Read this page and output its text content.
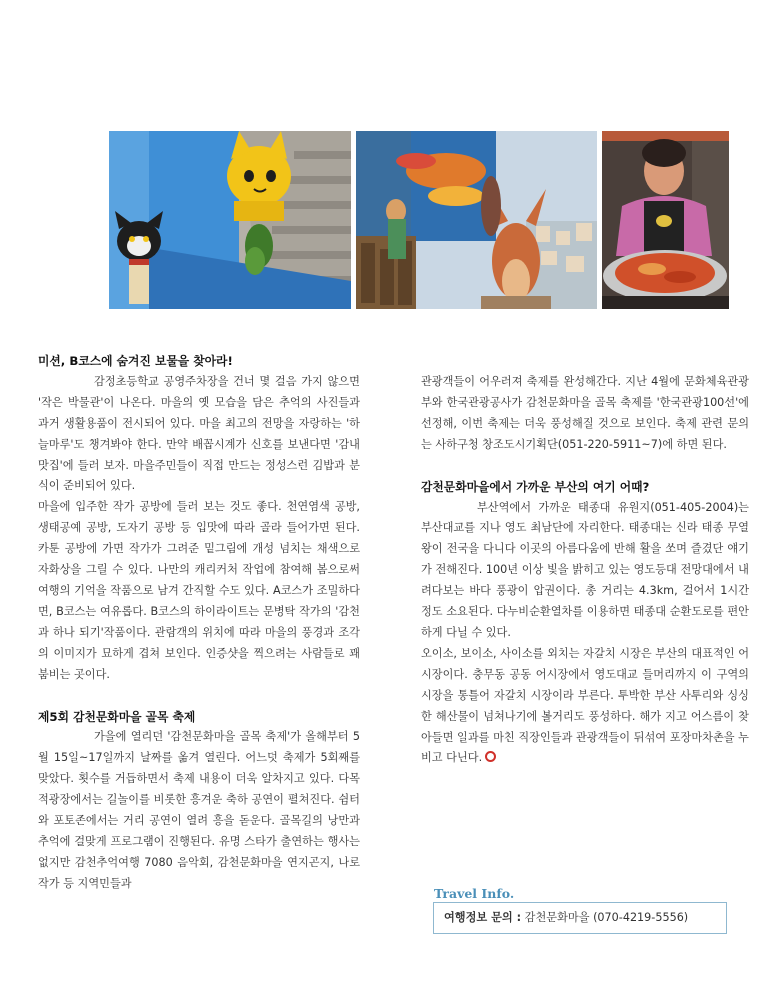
미션, B코스에 숨겨진 보물을 찾아라!
감정초등학교 공영주차장을 건너 몇 걸음 가지 않으면 '작은 박물관'이 나온다. 마을의 옛 모습을 담은 추억의 사진들과 과거 생활용품이 전시되어 있다. 마을 최고의 전망을 자랑하는 '하늘마루'도 챙겨봐야 한다. 만약 배꼽시계가 신호를 보낸다면 '감내맛집'에 들러 보자. 마을주민들이 직접 만드는 정성스런 김밥과 분식이 준비되어 있다.
마을에 입주한 작가 공방에 들러 보는 것도 좋다. 천연염색 공방, 생태공예 공방, 도자기 공방 등 입맛에 따라 골라 들어가면 된다. 카툰 공방에 가면 작가가 그려준 밑그림에 개성 넘치는 채색으로 자화상을 그릴 수 있다. 나만의 캐리커처 작업에 참여해 봄으로써 여행의 기억을 작품으로 남겨 간직할 수도 있다. A코스가 조밀하다면, B코스는 여유롭다. B코스의 하이라이트는 문병탁 작가의 '감천과 하나 되기'작품이다. 관람객의 위치에 따라 마을의 풍경과 조각의 이미지가 묘하게 겹쳐 보인다. 인증샷을 찍으려는 사람들로 꽤 붐비는 곳이다.
제5회 감천문화마을 골목 축제
가을에 열리던 '감천문화마을 골목 축제'가 올해부터 5월 15일~17일까지 날짜를 옮겨 열린다. 어느덧 축제가 5회째를 맞았다. 횟수를 거듭하면서 축제 내용이 더욱 알차지고 있다. 다목적광장에서는 길놀이를 비롯한 흥겨운 축하 공연이 펼쳐진다. 쉼터와 포토존에서는 거리 공연이 열려 흥을 돋운다. 골목길의 낭만과 추억에 걸맞게 프로그램이 진행된다. 유명 스타가 출연하는 행사는 없지만 감천추억여행 7080 음악회, 감천문화마을 연지곤지, 나로 작가 등 지역민들과
관광객들이 어우러져 축제를 완성해간다. 지난 4월에 문화체육관광부와 한국관광공사가 감천문화마을 골목 축제를 '한국관광100선'에 선정해, 이번 축제는 더욱 풍성해질 것으로 보인다. 축제 관련 문의는 사하구청 창조도시기획단(051-220-5911~7)에 하면 된다.
감천문화마을에서 가까운 부산의 여기 어때?
부산역에서 가까운 태종대 유원지(051-405-2004)는 부산대교를 지나 영도 최남단에 자리한다. 태종대는 신라 태종 무열왕이 전국을 다니다 이곳의 아름다움에 반해 활을 쏘며 즐겼단 얘기가 전해진다. 100년 이상 빛을 밝히고 있는 영도등대 전망대에서 내려다보는 바다 풍광이 압권이다. 총 거리는 4.3km, 걸어서 1시간 정도 소요된다. 다누비순환열차를 이용하면 태종대 순환도로를 편안하게 다닐 수 있다.
오이소, 보이소, 사이소를 외치는 자갈치 시장은 부산의 대표적인 어시장이다. 충무동 공동 어시장에서 영도대교 들머리까지 이 구역의 시장을 통틀어 자갈치 시장이라 부른다. 투박한 부산 사투리와 싱싱한 해산물이 넘쳐나기에 볼거리도 풍성하다. 해가 지고 어스름이 찾아들면 일과를 마친 직장인들과 관광객들이 뒤섞여 포장마차촌을 누비고 다닌다.
Travel Info.
여행정보 문의 : 감천문화마을 (070-4219-5556)
